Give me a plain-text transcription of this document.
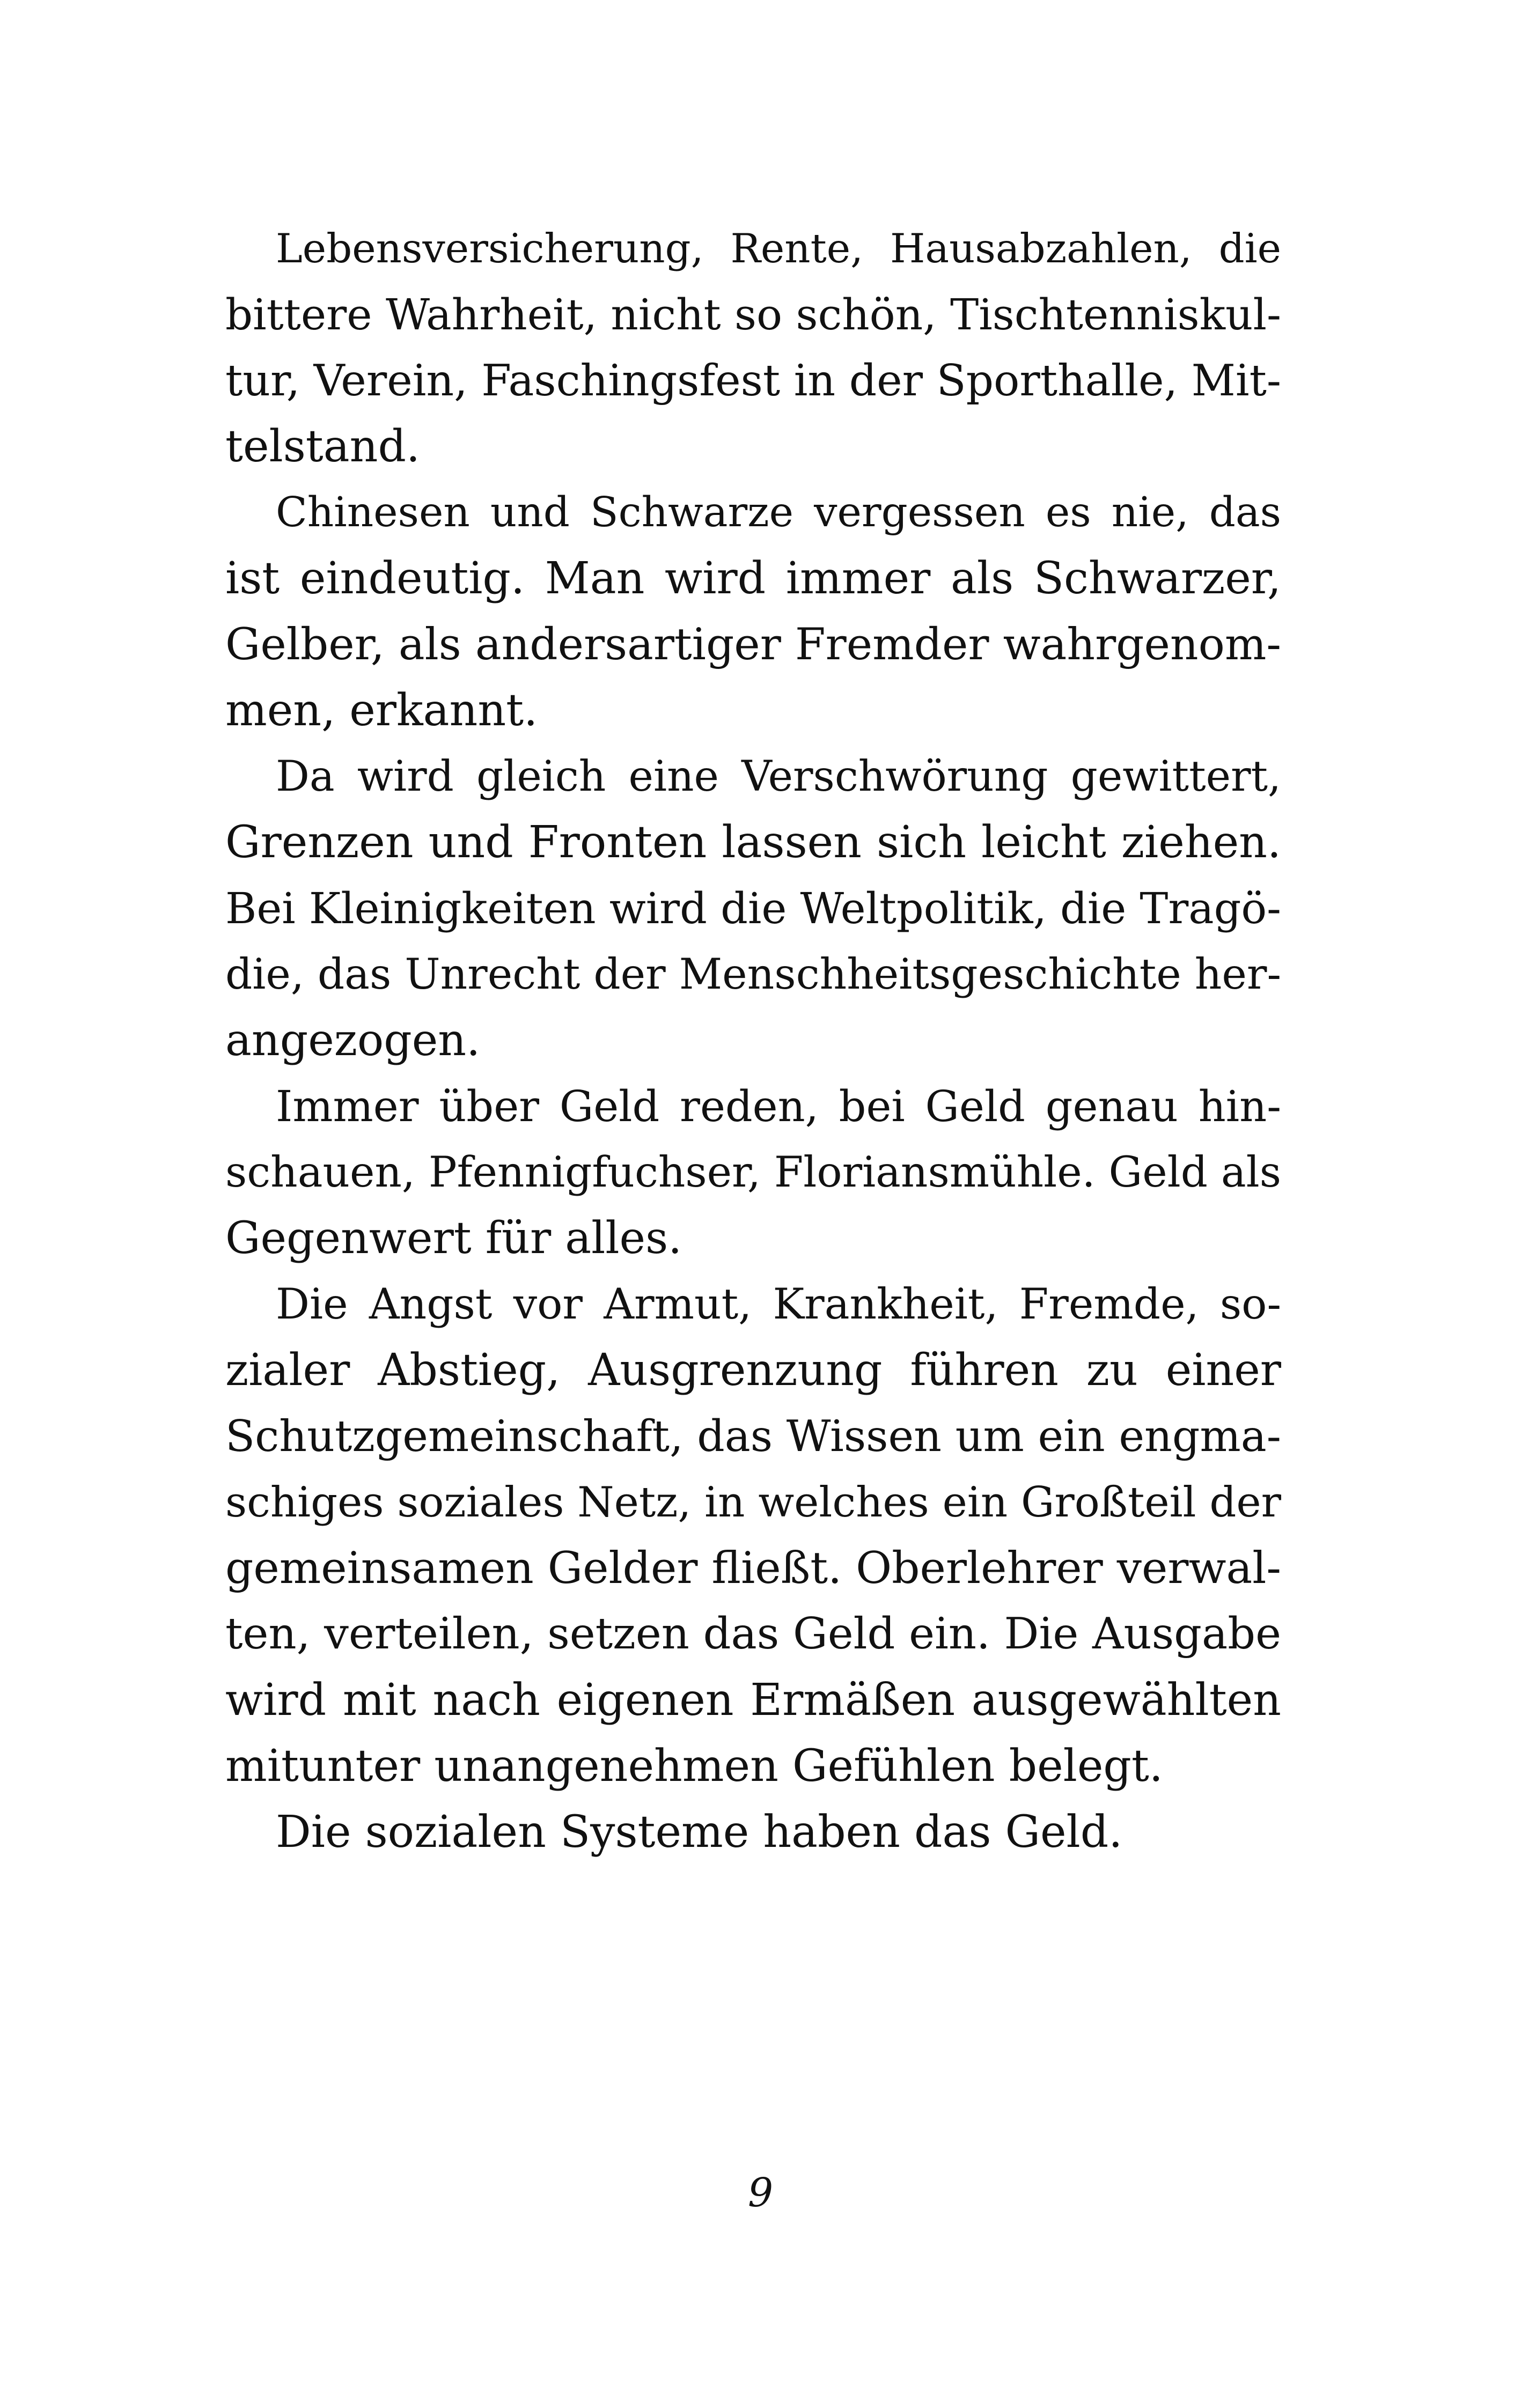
Lebensversicherung, Rente, Hausabzahlen, die
bittere Wahrheit, nicht so schön, Tischtenniskul-
tur, Verein, Faschingsfest in der Sporthalle, Mit-
telstand.
Chinesen und Schwarze vergessen es nie, das
ist eindeutig. Man wird immer als Schwarzer,
Gelber, als andersartiger Fremder wahrgenom-
men, erkannt.
Da wird gleich eine Verschwörung gewittert,
Grenzen und Fronten lassen sich leicht ziehen.
Bei Kleinigkeiten wird die Weltpolitik, die Tragö-
die, das Unrecht der Menschheitsgeschichte her-
angezogen.
Immer über Geld reden, bei Geld genau hin-
schauen, Pfennigfuchser, Floriansmühle. Geld als
Gegenwert für alles.
Die Angst vor Armut, Krankheit, Fremde, so-
zialer Abstieg, Ausgrenzung führen zu einer
Schutzgemeinschaft, das Wissen um ein engma-
schiges soziales Netz, in welches ein Großteil der
gemeinsamen Gelder fließt. Oberlehrer verwal-
ten, verteilen, setzen das Geld ein. Die Ausgabe
wird mit nach eigenen Ermäßen ausgewählten
mitunter unangenehmen Gefühlen belegt.
Die sozialen Systeme haben das Geld.
9
